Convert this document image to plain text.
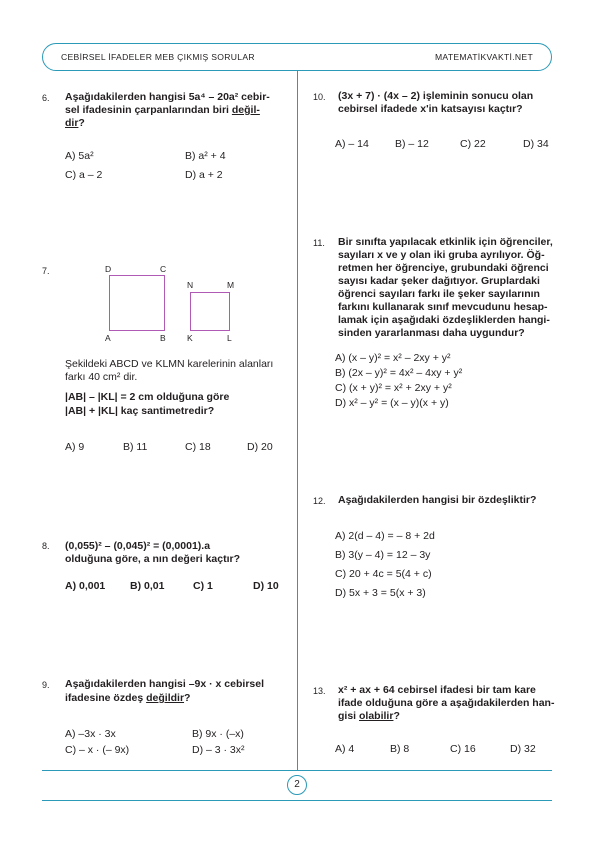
CEBİRSEL İFADELER MEB ÇIKMIŞ SORULAR	MATEMATİKVAKTİ.NET
2
6. Aşağıdakilerden hangisi 5a⁴ – 20a² cebir-
sel ifadesinin çarpanlarından biri değil-
dir?
A) 5a²	B) a² + 4
C) a – 2	D) a + 2
7.	D	C
A	B
N	M
K	L
Şekildeki ABCD ve KLMN karelerinin alanları
farkı 40 cm² dir.
|AB| – |KL| = 2 cm olduğuna göre
|AB| + |KL| kaç santimetredir?
A) 9	B) 11	C) 18	D) 20
8. (0,055)² – (0,045)² = (0,0001).a
olduğuna göre, a nın değeri kaçtır?
A) 0,001 B) 0,01	C) 1	D) 10
9. Aşağıdakilerden hangisi –9x · x cebirsel
ifadesine özdeş değildir?
A) –3x · 3x	B) 9x · (–x)
C) – x · (– 9x)	D) – 3 · 3x²
10. (3x + 7) · (4x – 2) işleminin sonucu olan
cebirsel ifadede x'in katsayısı kaçtır?
A) – 14 B) – 12	C) 22	D) 34
11. Bir sınıfta yapılacak etkinlik için öğrenciler,
sayıları x ve y olan iki gruba ayrılıyor. Öğ-
retmen her öğrenciye, grubundaki öğrenci
sayısı kadar şeker dağıtıyor. Gruplardaki
öğrenci sayıları farkı ile şeker sayılarının
farkını kullanarak sınıf mevcudunu hesap-
lamak için aşağıdaki özdeşliklerden hangi-
sinden yararlanması daha uygundur?
A) (x – y)² = x² – 2xy + y²
B) (2x – y)² = 4x² – 4xy + y²
C) (x + y)² = x² + 2xy + y²
D) x² – y² = (x – y)(x + y)
12. Aşağıdakilerden hangisi bir özdeşliktir?
A) 2(d – 4) = – 8 + 2d
B) 3(y – 4) = 12 – 3y
C) 20 + 4c = 5(4 + c)
D) 5x + 3 = 5(x + 3)
13. x² + ax + 64 cebirsel ifadesi bir tam kare
ifade olduğuna göre a aşağıdakilerden han-
gisi olabilir?
A) 4	B) 8	C) 16	D) 32
